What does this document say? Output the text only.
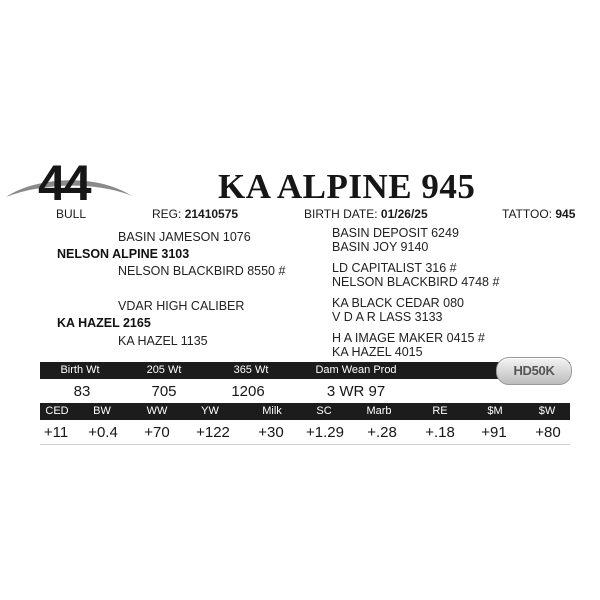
44	KA ALPINE 945
BULL	REG: 21410575	BIRTH DATE: 01/26/25	TATTOO: 945
BASIN JAMESON 1076
NELSON ALPINE 3103
NELSON BLACKBIRD 8550 #
VDAR HIGH CALIBER
KA HAZEL 2165
KA HAZEL 1135
BASIN DEPOSIT 6249
BASIN JOY 9140
LD CAPITALIST 316 #
NELSON BLACKBIRD 4748 #
KA BLACK CEDAR 080
V D A R LASS 3133
H A IMAGE MAKER 0415 #
KA HAZEL 4015
Birth Wt	205 Wt	365 Wt	Dam Wean Prod
83	705	1206	3 WR 97
HD50K
CED BW	WW	YW	Milk	SC	Marb	RE	$M	$W
+11 +0.4 +70 +122 +30 +1.29 +.28 +.18 +91 +80
